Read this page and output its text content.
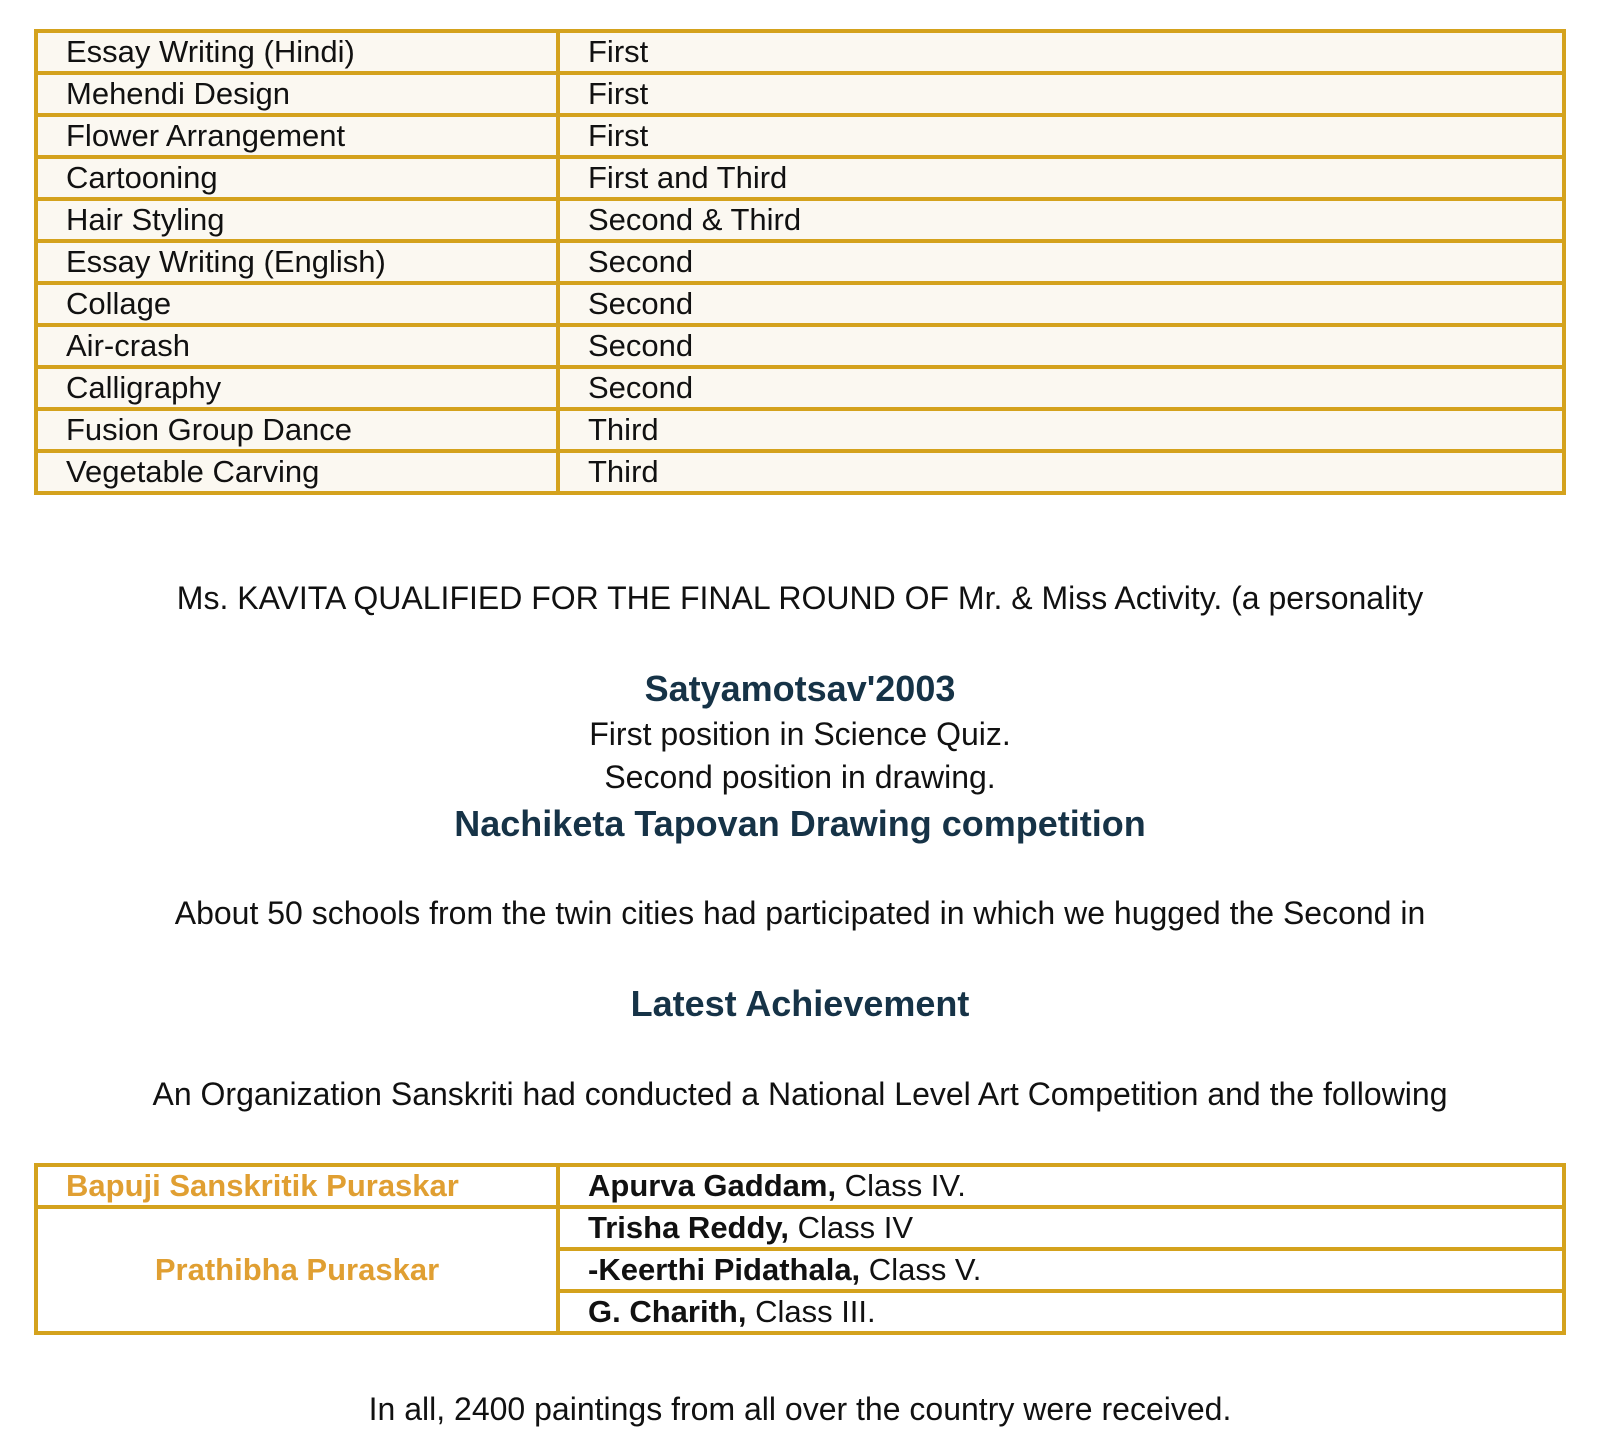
Essay Writing (Hindi)	First
Mehendi Design	First
Flower Arrangement	First
Cartooning	First and Third
Hair Styling	Second & Third
Essay Writing (English)	Second
Collage	Second
Air-crash	Second
Calligraphy	Second
Fusion Group Dance	Third
Vegetable Carving	Third
Ms. KAVITA QUALIFIED FOR THE FINAL ROUND OF Mr. & Miss Activity. (a personality
Satyamotsav'2003
First position in Science Quiz.
Second position in drawing.
Nachiketa Tapovan Drawing competition
About 50 schools from the twin cities had participated in which we hugged the Second in
Latest Achievement
An Organization Sanskriti had conducted a National Level Art Competition and the following
Bapuji Sanskritik Puraskar	Apurva Gaddam, Class IV.
Prathibha Puraskar	Trisha Reddy, Class IV
	-Keerthi Pidathala, Class V.
	G. Charith, Class III.
In all, 2400 paintings from all over the country were received.
